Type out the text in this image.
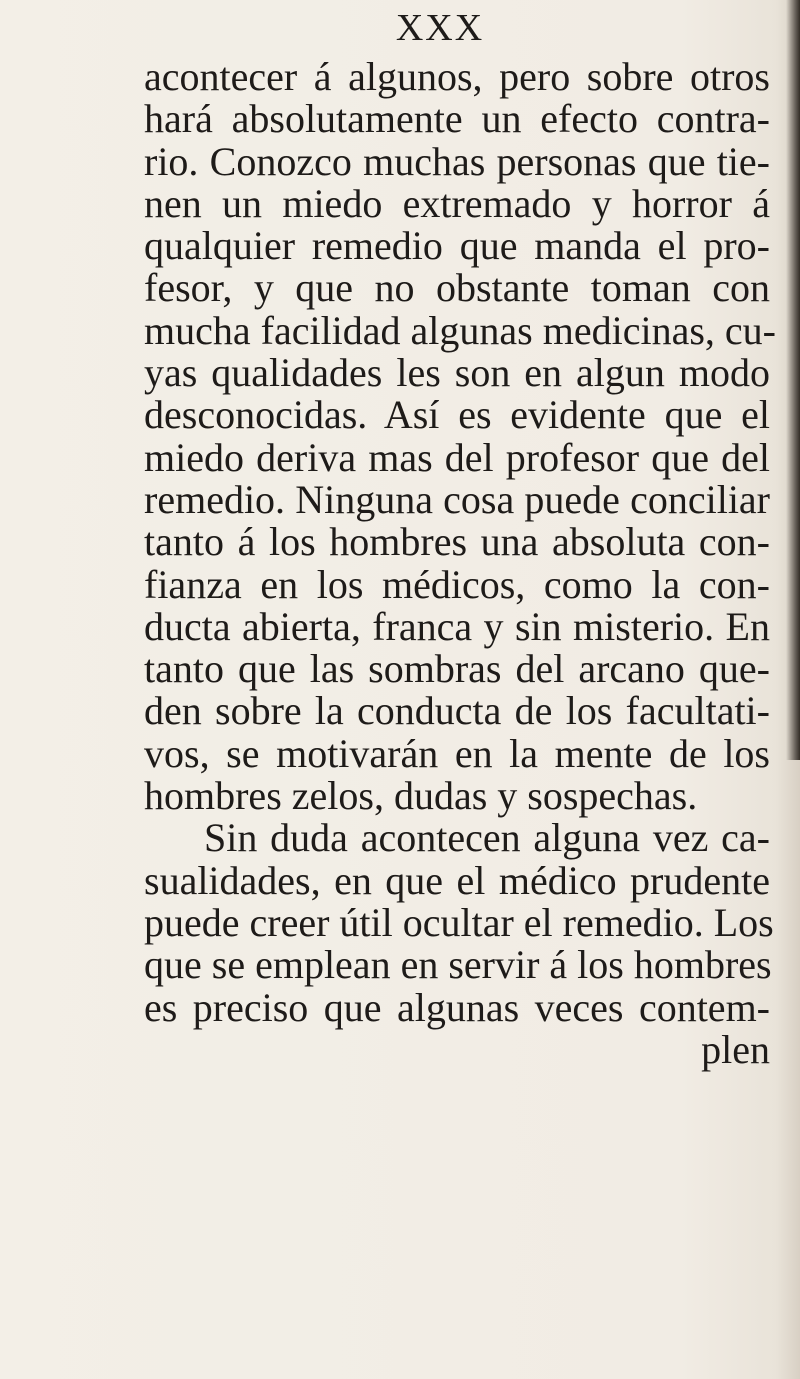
XXX
acontecer á algunos, pero sobre otros
hará absolutamente un efecto contra-
rio. Conozco muchas personas que tie-
nen un miedo extremado y horror á
qualquier remedio que manda el pro-
fesor, y que no obstante toman con
mucha facilidad algunas medicinas, cu-
yas qualidades les son en algun modo
desconocidas. Así es evidente que el
miedo deriva mas del profesor que del
remedio. Ninguna cosa puede conciliar
tanto á los hombres una absoluta con-
fianza en los médicos, como la con-
ducta abierta, franca y sin misterio. En
tanto que las sombras del arcano que-
den sobre la conducta de los facultati-
vos, se motivarán en la mente de los
hombres zelos, dudas y sospechas.
Sin duda acontecen alguna vez ca-
sualidades, en que el médico prudente
puede creer útil ocultar el remedio. Los
que se emplean en servir á los hombres
es preciso que algunas veces contem-
plen
